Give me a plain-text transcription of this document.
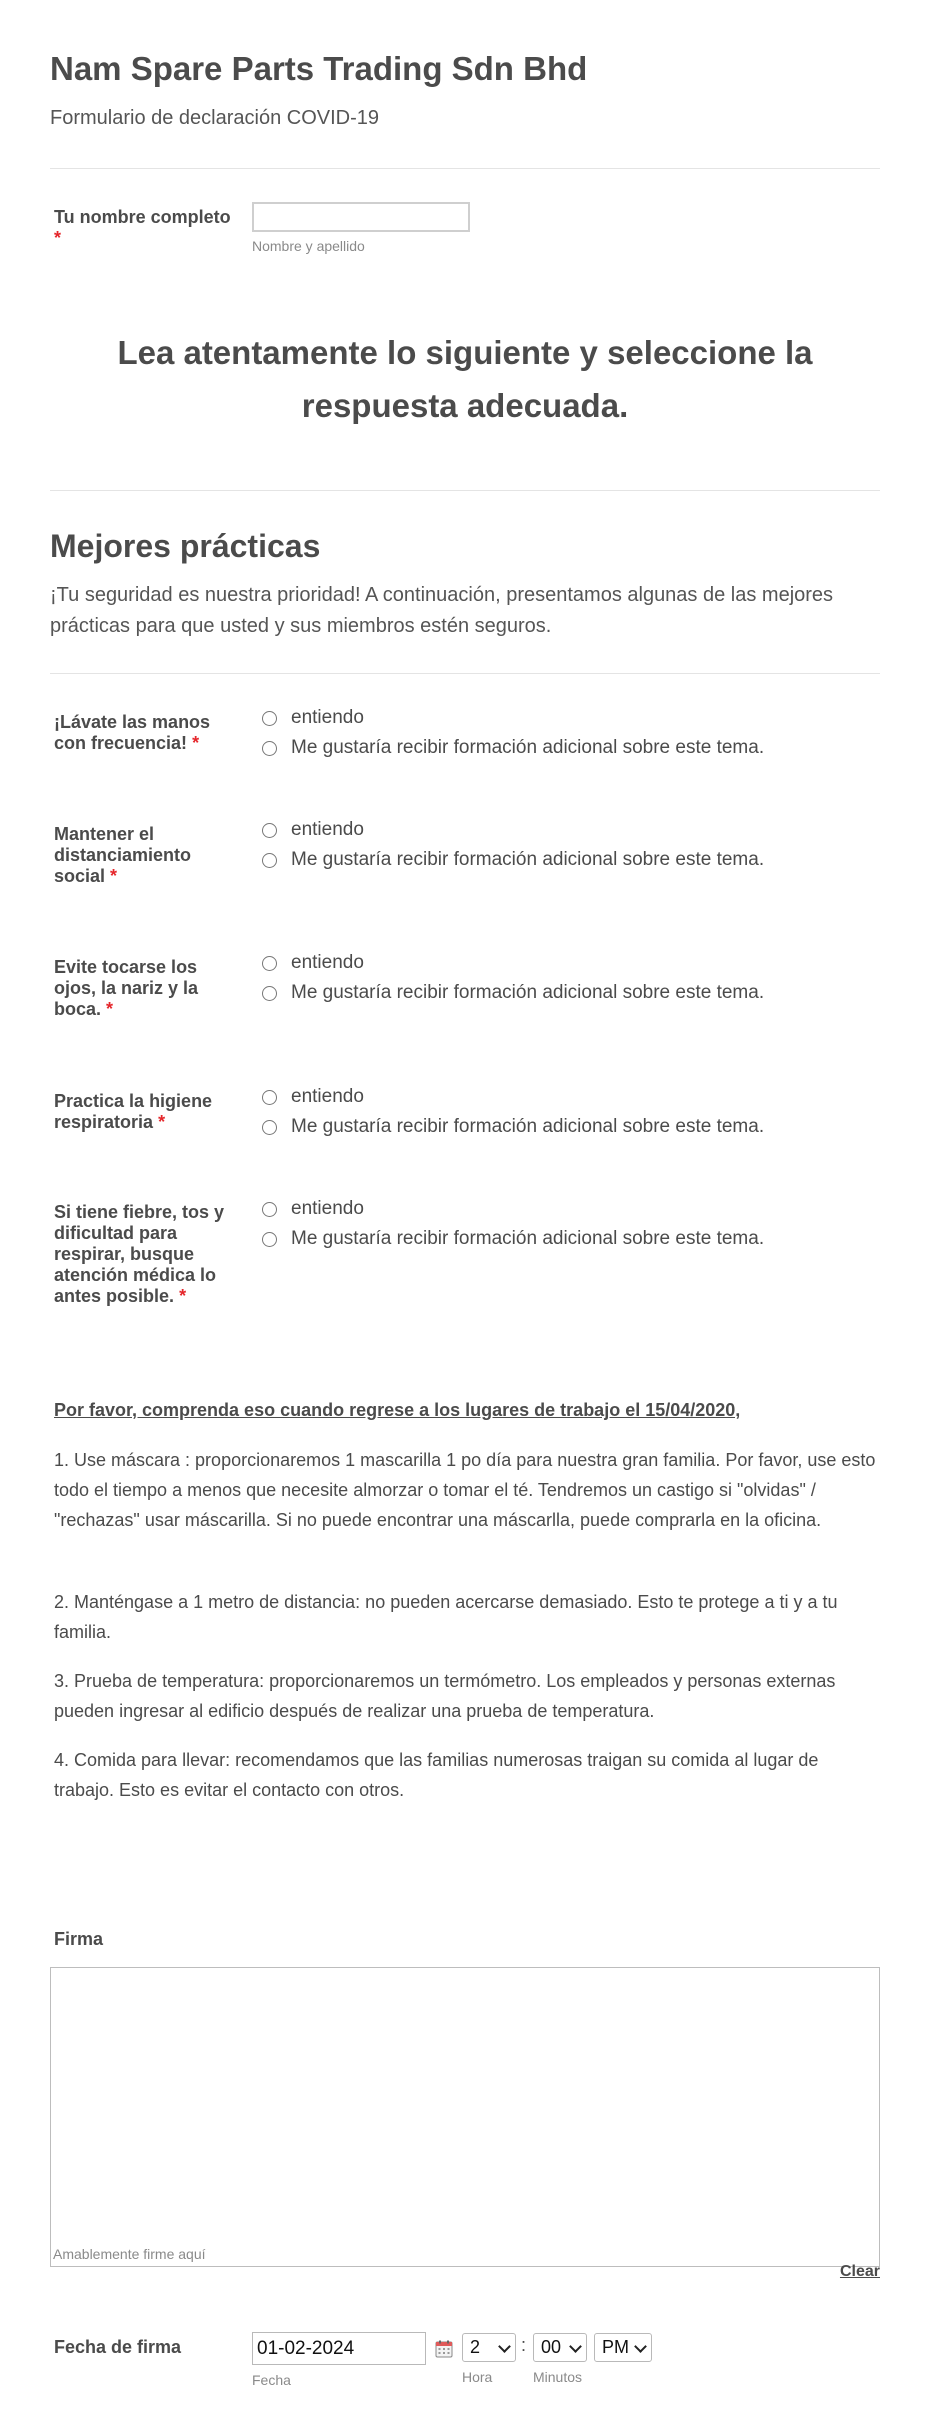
Nam Spare Parts Trading Sdn Bhd
Formulario de declaración COVID-19
Tu nombre completo *	Nombre y apellido
Lea atentamente lo siguiente y seleccione la respuesta adecuada.
Mejores prácticas
¡Tu seguridad es nuestra prioridad! A continuación, presentamos algunas de las mejores prácticas para que usted y sus miembros estén seguros.
¡Lávate las manos con frecuencia! *
entiendo
Me gustaría recibir formación adicional sobre este tema.
Mantener el distanciamiento social *
entiendo
Me gustaría recibir formación adicional sobre este tema.
Evite tocarse los ojos, la nariz y la boca. *
entiendo
Me gustaría recibir formación adicional sobre este tema.
Practica la higiene respiratoria *
entiendo
Me gustaría recibir formación adicional sobre este tema.
Si tiene fiebre, tos y dificultad para respirar, busque atención médica lo antes posible. *
entiendo
Me gustaría recibir formación adicional sobre este tema.
Por favor, comprenda eso cuando regrese a los lugares de trabajo el 15/04/2020,
1. Use máscara : proporcionaremos 1 mascarilla 1 po día para nuestra gran familia. Por favor, use esto todo el tiempo a menos que necesite almorzar o tomar el té. Tendremos un castigo si "olvidas" / "rechazas" usar máscarilla. Si no puede encontrar una máscarlla, puede comprarla en la oficina.
2. Manténgase a 1 metro de distancia: no pueden acercarse demasiado. Esto te protege a ti y a tu familia.
3. Prueba de temperatura: proporcionaremos un termómetro. Los empleados y personas externas pueden ingresar al edificio después de realizar una prueba de temperatura.
4. Comida para llevar: recomendamos que las familias numerosas traigan su comida al lugar de trabajo. Esto es evitar el contacto con otros.
Firma
Amablemente firme aquí
Clear
Fecha de firma
01-02-2024
Fecha
2 : 00 PM
Hora	Minutos
